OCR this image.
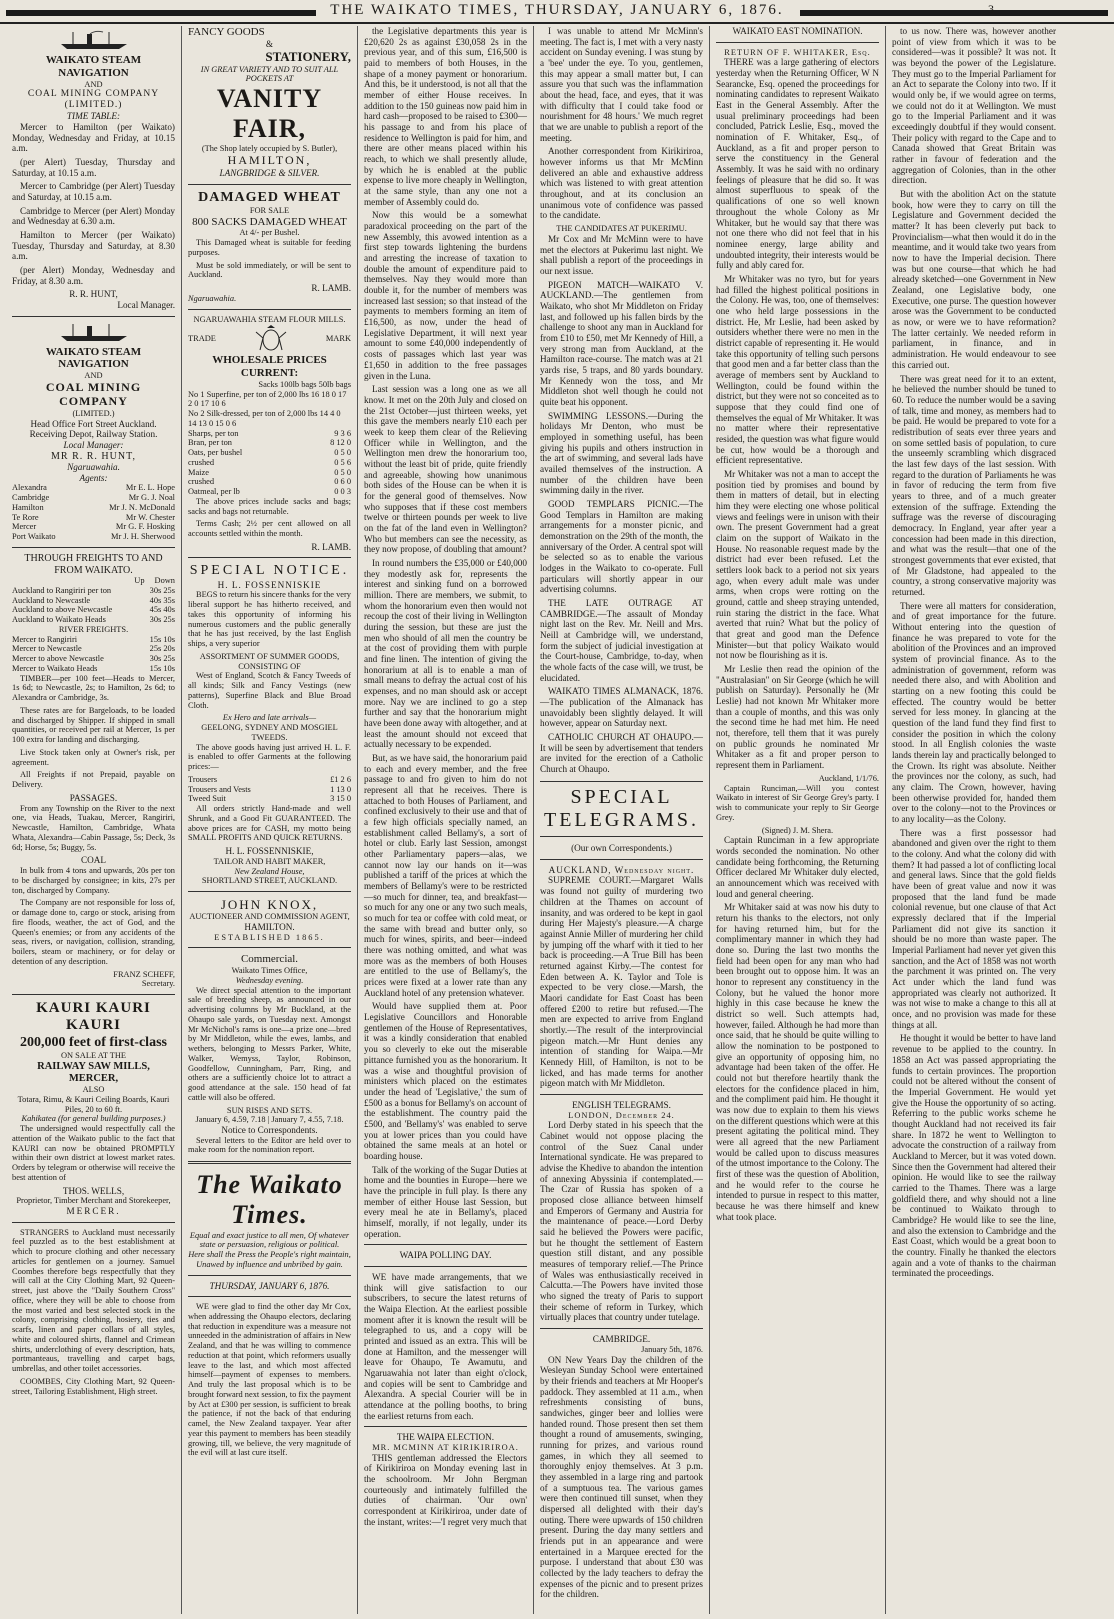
THE WAIKATO TIMES, THURSDAY, JANUARY 6, 1876.	3
WAIKATO STEAM NAVIGATION
AND
COAL MINING COMPANY (LIMITED.)
TIME TABLE:

Mercer to Hamilton (per Waikato) Monday, Wednesday and Friday, at 10.15 a.m.

(per Alert) Tuesday, Thursday and Saturday, at 10.15 a.m.

Mercer to Cambridge (per Alert) Tuesday and Saturday, at 10.15 a.m.

Cambridge to Mercer (per Alert) Monday and Wednesday at 6.30 a.m.

Hamilton to Mercer (per Waikato) Tuesday, Thursday and Saturday, at 8.30 a.m.

(per Alert) Monday, Wednesday and Friday, at 8.30 a.m.

R. R. HUNT,
Local Manager.
WAIKATO STEAM NAVIGATION
AND
COAL MINING COMPANY
(LIMITED.)
Head Office Fort Street Auckland.
Receiving Depot, Railway Station.
Local Manager:
MR R. R. HUNT,
Ngaruawahia.
Agents:
Alexandra	Mr E. L. Hope
Cambridge	Mr G. J. Noal
Hamilton	Mr J. N. McDonald
Te Rore	Mr W. Chester
Mercer	Mr G. F. Hosking
Port Waikato	Mr J. H. Sherwood
THROUGH FREIGHTS TO AND FROM WAIKATO.
Up Down
Auckland to Rangiriri per ton	30s 25s
Auckland to Newcastle	40s 35s
Auckland to above Newcastle	45s 40s
Auckland to Waikato Heads	30s 25s
RIVER FREIGHTS.
Mercer to Rangiriri	15s 10s
Mercer to Newcastle	25s 20s
Mercer to above Newcastle	30s 25s
Mercer to Waikato Heads	15s 10s

TIMBER—per 100 feet—Heads to Mercer, 1s 6d; to Newcastle, 2s; to Hamilton, 2s 6d; to Alexandra or Cambridge, 3s.

These rates are for Bargeloads, to be loaded and discharged by Shipper. If shipped in small quantities, or received per rail at Mercer, 1s per 100 extra for landing and discharging.

Live Stock taken only at Owner's risk, per agreement.

All Freights if not Prepaid, payable on Delivery.

PASSAGES.

From any Township on the River to the next one, via Heads, Tuakau, Mercer, Rangiriri, Newcastle, Hamilton, Cambridge, Whata Whata, Alexandra—Cabin Passage, 5s; Deck, 3s 6d; Horse, 5s; Buggy, 5s.

COAL

In bulk from 4 tons and upwards, 20s per ton to be discharged by consignee; in kits, 27s per ton, discharged by Company.

The Company are not responsible for loss of, or damage done to, cargo or stock, arising from fire floods, weather, the act of God, and the Queen's enemies; or from any accidents of the seas, rivers, or navigation, collision, stranding, boilers, steam or machinery, or for delay or detention of any description.

FRANZ SCHEFF,
Secretary.
KAURI KAURI KAURI
200,000 feet of first-class
ON SALE AT THE
RAILWAY SAW MILLS, MERCER,
ALSO
Totara, Rimu, & Kauri Ceiling Boards, Kauri Piles, 20 to 60 ft.
Kahikatea (for general building purposes.)

The undersigned would respectfully call the attention of the Waikato public to the fact that KAURI can now be obtained PROMPTLY within their own district at lowest market rates. Orders by telegram or otherwise will receive the best attention of

THOS. WELLS,
Proprietor, Timber Merchant and Storekeeper,
MERCER.

STRANGERS to Auckland must necessarily feel puzzled as to the best establishment at which to procure clothing and other necessary articles for gentlemen on a journey. Samuel Coombes therefore begs respectfully that they will call at the City Clothing Mart, 92 Queen-street, just above the "Daily Southern Cross" office, where they will be able to choose from the most varied and best selected stock in the colony, comprising clothing, hosiery, ties and scarfs, linen and paper collars of all styles, white and coloured shirts, flannel and Crimean shirts, underclothing of every description, hats, portmanteaus, travelling and carpet bags, umbrellas, and other toilet accessories.

COOMBES, City Clothing Mart, 92 Queen-street, Tailoring Establishment, High street.

FANCY GOODS
&
STATIONERY,
IN GREAT VARIETY AND TO SUIT ALL POCKETS AT
VANITY FAIR,
(The Shop lately occupied by S. Butler),
HAMILTON,
LANGBRIDGE & SILVER.
DAMAGED WHEAT
FOR SALE
800 SACKS DAMAGED WHEAT
At 4/- per Bushel.

This Damaged wheat is suitable for feeding purposes.

Must be sold immediately, or will be sent to Auckland.

R. LAMB.
Ngaruawahia.
NGARUAWAHIA STEAM FLOUR MILLS.
TRADE	MARK
WHOLESALE PRICES CURRENT:
Sacks 100lb bags 50lb bags
No 1 Superfine, per ton of 2,000 lbs 16 18 0 17 2 0 17 10 6
No 2 Silk-dressed, per ton of 2,000 lbs 14 4 0 14 13 0 15 0 6
Sharps, per ton	9 3 6
Bran, per ton	8 12 0
Oats, per bushel	0 5 0
crushed	0 5 6
Maize	0 5 0
crushed	0 6 0
Oatmeal, per lb	0 0 3

The above prices include sacks and bags; sacks and bags not returnable.

Terms Cash; 2½ per cent allowed on all accounts settled within the month.

R. LAMB.
SPECIAL NOTICE.
H. L. FOSSENNISKIE

BEGS to return his sincere thanks for the very liberal support he has hitherto received, and takes this opportunity of informing his numerous customers and the public generally that he has just received, by the last English ships, a very superior

ASSORTMENT OF SUMMER GOODS,
CONSISTING OF

West of England, Scotch & Fancy Tweeds of all kinds; Silk and Fancy Vestings (new patterns), Superfine Black and Blue Broad Cloth.

Ex Hero and late arrivals—
GEELONG, SYDNEY AND MOSGIEL TWEEDS.

The above goods having just arrived H. L. F. is enabled to offer Garments at the following prices:—

Trousers	£1 2 6
Trousers and Vests	1 13 0
Tweed Suit	3 15 0

All orders strictly Hand-made and well Shrunk, and a Good Fit GUARANTEED. The above prices are for CASH, my motto being SMALL PROFITS AND QUICK RETURNS.

H. L. FOSSENNISKIE,
TAILOR AND HABIT MAKER,
New Zealand House,
SHORTLAND STREET, AUCKLAND.
JOHN KNOX,
AUCTIONEER AND COMMISSION AGENT,
HAMILTON.
ESTABLISHED 1865.
Commercial.
Waikato Times Office,
Wednesday evening.

We direct special attention to the important sale of breeding sheep, as announced in our advertising columns by Mr Buckland, at the Ohaupo sale yards, on Tuesday next. Amongst Mr McNichol's rams is one—a prize one—bred by Mr Middleton, while the ewes, lambs, and wethers, belonging to Messrs Parker, White, Walker, Wemyss, Taylor, Robinson, Goodfellow, Cunningham, Parr, Ring, and others are a sufficiently choice lot to attract a good attendance at the sale. 150 head of fat cattle will also be offered.

SUN RISES AND SETS.
January 6, 4.59, 7.18 | January 7, 4.55, 7.18.
Notice to Correspondents.

Several letters to the Editor are held over to make room for the nomination report.

The Waikato Times.
Equal and exact justice to all men, Of whatever state or persuasion, religious or political.
Here shall the Press the People's right maintain, Unawed by influence and unbribed by gain.
THURSDAY, JANUARY 6, 1876.

WE were glad to find the other day Mr Cox, when addressing the Ohaupo electors, declaring that reduction in expenditure was a measure not unneeded in the administration of affairs in New Zealand, and that he was willing to commence reduction at that point, which reformers usually leave to the last, and which most affected himself—payment of expenses to members. And truly the last proposal which is to be brought forward next session, to fix the payment by Act at £300 per session, is sufficient to break the patience, if not the back of that enduring camel, the New Zealand taxpayer. Year after year this payment to members has been steadily growing, till, we believe, the very magnitude of the evil will at last cure itself.

the Legislative departments this year is £20,620 2s as against £30,058 2s in the previous year, and of this sum, £16,500 is paid to members of both Houses, in the shape of a money payment or honorarium. And this, be it understood, is not all that the member of either House receives. In addition to the 150 guineas now paid him in hard cash—proposed to be raised to £300—his passage to and from his place of residence to Wellington is paid for him, and there are other means placed within his reach, to which we shall presently allude, by which he is enabled at the public expense to live more cheaply in Wellington, at the same style, than any one not a member of Assembly could do.

Now this would be a somewhat paradoxical proceeding on the part of the new Assembly, this avowed intention as a first step towards lightening the burdens and arresting the increase of taxation to double the amount of expenditure paid to themselves. Nay they would more than double it, for the number of members was increased last session; so that instead of the payments to members forming an item of £16,500, as now, under the head of Legislative Department, it will next year amount to some £40,000 independently of costs of passages which last year was £1,650 in addition to the free passages given in the Luna.

Last session was a long one as we all know. It met on the 20th July and closed on the 21st October—just thirteen weeks, yet this gave the members nearly £10 each per week to keep them clear of the Relieving Officer while in Wellington, and the Wellington men drew the honorarium too, without the least bit of pride, quite friendly and agreeable, showing how unanimous both sides of the House can be when it is for the general good of themselves. Now who supposes that if these cost members twelve or thirteen pounds per week to live on the fat of the land even in Wellington? Who but members can see the necessity, as they now propose, of doubling that amount?

In round numbers the £35,000 or £40,000 they modestly ask for, represents the interest and sinking fund on a borrowed million. There are members, we submit, to whom the honorarium even then would not recoup the cost of their living in Wellington during the session, but these are just the men who should of all men the country be at the cost of providing them with purple and fine linen. The intention of giving the honorarium at all is to enable a man of small means to defray the actual cost of his expenses, and no man should ask or accept more. Nay we are inclined to go a step further and say that the honorarium might have been done away with altogether, and at least the amount should not exceed that actually necessary to be expended.

But, as we have said, the honorarium paid to each and every member, and the free passage to and fro given to him do not represent all that he receives. There is attached to both Houses of Parliament, and confined exclusively to their use and that of a few high officials specially named, an establishment called Bellamy's, a sort of hotel or club. Early last Session, amongst other Parliamentary papers—alas, we cannot now lay our hands on it—was published a tariff of the prices at which the members of Bellamy's were to be restricted—so much for dinner, tea, and breakfast—so much for any one or any two such meals, so much for tea or coffee with cold meat, or the same with bread and butter only, so much for wines, spirits, and beer—indeed there was nothing omitted, and what was more was as the members of both Houses are entitled to the use of Bellamy's, the prices were fixed at a lower rate than any Auckland hotel of any pretension whatever.

Would have supplied them at. Poor Legislative Councillors and Honorable gentlemen of the House of Representatives, it was a kindly consideration that enabled you so cleverly to eke out the miserable pittance furnished you as the honorarium. It was a wise and thoughtful provision of ministers which placed on the estimates under the head of 'Legislative,' the sum of £500 as a bonus for Bellamy's on account of the establishment. The country paid the £500, and 'Bellamy's' was enabled to serve you at lower prices than you could have obtained the same meals at an hotel or boarding house.

Talk of the working of the Sugar Duties at home and the bounties in Europe—here we have the principle in full play. Is there any member of either House last Session, but every meal he ate in Bellamy's, placed himself, morally, if not legally, under its operation.

WAIPA POLLING DAY.

WE have made arrangements, that we think will give satisfaction to our subscribers, to secure the latest returns of the Waipa Election. At the earliest possible moment after it is known the result will be telegraphed to us, and a copy will be printed and issued as an extra. This will be done at Hamilton, and the messenger will leave for Ohaupo, Te Awamutu, and Ngaruawahia not later than eight o'clock, and copies will be sent to Cambridge and Alexandra. A special Courier will be in attendance at the polling booths, to bring the earliest returns from each.

THE WAIPA ELECTION.
MR. MCMINN AT KIRIKIRIROA.

THIS gentleman addressed the Electors of Kirikiriroa on Monday evening last in the schoolroom. Mr John Bergman courteously and intimately fulfilled the duties of chairman. 'Our own' correspondent at Kirikiriroa, under date of the instant, writes:—'I regret very much that

I was unable to attend Mr McMinn's meeting. The fact is, I met with a very nasty accident on Sunday evening. I was stung by a 'bee' under the eye. To you, gentlemen, this may appear a small matter but, I can assure you that such was the inflammation about the head, face, and eyes, that it was with difficulty that I could take food or nourishment for 48 hours.' We much regret that we are unable to publish a report of the meeting.

Another correspondent from Kirikiriroa, however informs us that Mr McMinn delivered an able and exhaustive address which was listened to with great attention throughout, and at its conclusion an unanimous vote of confidence was passed to the candidate.

THE CANDIDATES AT PUKERIMU.

Mr Cox and Mr McMinn were to have met the electors at Pukerimu last night. We shall publish a report of the proceedings in our next issue.

PIGEON MATCH—WAIKATO V. AUCKLAND.—The gentlemen from Waikato, who shot Mr Middleton on Friday last, and followed up his fallen birds by the challenge to shoot any man in Auckland for from £10 to £50, met Mr Kennedy of Hill, a very strong man from Auckland, at the Hamilton race-course. The match was at 21 yards rise, 5 traps, and 80 yards boundary. Mr Kennedy won the toss, and Mr Middleton shot well though he could not quite beat his opponent.

SWIMMING LESSONS.—During the holidays Mr Denton, who must be employed in something useful, has been giving his pupils and others instruction in the art of swimming, and several lads have availed themselves of the instruction. A number of the children have been swimming daily in the river.

GOOD TEMPLARS PICNIC.—The Good Templars in Hamilton are making arrangements for a monster picnic, and demonstration on the 29th of the month, the anniversary of the Order. A central spot will be selected so as to enable the various lodges in the Waikato to co-operate. Full particulars will shortly appear in our advertising columns.

THE LATE OUTRAGE AT CAMBRIDGE.—The assault of Monday night last on the Rev. Mr. Neill and Mrs. Neill at Cambridge will, we understand, form the subject of judicial investigation at the Court-house, Cambridge, to-day, when the whole facts of the case will, we trust, be elucidated.

WAIKATO TIMES ALMANACK, 1876.—The publication of the Almanack has unavoidably been slightly delayed. It will however, appear on Saturday next.

CATHOLIC CHURCH AT OHAUPO.—It will be seen by advertisement that tenders are invited for the erection of a Catholic Church at Ohaupo.

SPECIAL TELEGRAMS.
(Our own Correspondents.)
AUCKLAND, Wednesday night.

SUPREME COURT.—Margaret Walls was found not guilty of murdering two children at the Thames on account of insanity, and was ordered to be kept in gaol during Her Majesty's pleasure.—A charge against Annie Miller of murdering her child by jumping off the wharf with it tied to her back is proceeding.—A True Bill has been returned against Kirby.—The contest for Eden between A. K. Taylor and Tole is expected to be very close.—Marsh, the Maori candidate for East Coast has been offered £200 to retire but refused.—The men are expected to arrive from England shortly.—The result of the interprovincial pigeon match.—Mr Hunt denies any intention of standing for Waipa.—Mr Kennedy Hill, of Hamilton, is not to be licked, and has made terms for another pigeon match with Mr Middleton.

ENGLISH TELEGRAMS.
LONDON, December 24.

Lord Derby stated in his speech that the Cabinet would not oppose placing the control of the Suez Canal under International syndicate. He was prepared to advise the Khedive to abandon the intention of annexing Abyssinia if contemplated.—The Czar of Russia has spoken of a proposed close alliance between himself and Emperors of Germany and Austria for the maintenance of peace.—Lord Derby said he believed the Powers were pacific, but he thought the settlement of Eastern question still distant, and any possible measures of temporary relief.—The Prince of Wales was enthusiastically received in Calcutta.—The Powers have invited those who signed the treaty of Paris to support their scheme of reform in Turkey, which virtually places that country under tutelage.

CAMBRIDGE.
January 5th, 1876.

ON New Years Day the children of the Wesleyan Sunday School were entertained by their friends and teachers at Mr Hooper's paddock. They assembled at 11 a.m., when refreshments consisting of buns, sandwiches, ginger beer and lollies were handed round. Those present then set them thought a round of amusements, swinging, running for prizes, and various round games, in which they all seemed to thoroughly enjoy themselves. At 3 p.m. they assembled in a large ring and partook of a sumptuous tea. The various games were then continued till sunset, when they dispersed all delighted with their day's outing. There were upwards of 150 children present. During the day many settlers and friends put in an appearance and were entertained in a Marquee erected for the purpose. I understand that about £30 was collected by the lady teachers to defray the expenses of the picnic and to present prizes for the children.

WAIKATO EAST NOMINATION.
RETURN OF F. WHITAKER, Esq.

THERE was a large gathering of electors yesterday when the Returning Officer, W N Searancke, Esq. opened the proceedings for nominating candidates to represent Waikato East in the General Assembly. After the usual preliminary proceedings had been concluded, Patrick Leslie, Esq., moved the nomination of F. Whitaker, Esq., of Auckland, as a fit and proper person to serve the constituency in the General Assembly. It was he said with no ordinary feelings of pleasure that he did so. It was almost superfluous to speak of the qualifications of one so well known throughout the whole Colony as Mr Whitaker, but he would say that there was not one there who did not feel that in his nominee energy, large ability and undoubted integrity, their interests would be fully and ably cared for.

Mr Whitaker was no tyro, but for years had filled the highest political positions in the Colony. He was, too, one of themselves: one who held large possessions in the district. He, Mr Leslie, had been asked by outsiders whether there were no men in the district capable of representing it. He would take this opportunity of telling such persons that good men and a far better class than the average of members sent by Auckland to Wellington, could be found within the district, but they were not so conceited as to suppose that they could find one of themselves the equal of Mr Whitaker. It was no matter where their representative resided, the question was what figure would be cut, how would be a thorough and efficient representative.

Mr Whitaker was not a man to accept the position tied by promises and bound by them in matters of detail, but in electing him they were electing one whose political views and feelings were in unison with their own. The present Government had a great claim on the support of Waikato in the House. No reasonable request made by the district had ever been refused. Let the settlers look back to a period not six years ago, when every adult male was under arms, when crops were rotting on the ground, cattle and sheep straying untended, ruin staring the district in the face. What averted that ruin? What but the policy of that great and good man the Defence Minister—but that policy Waikato would not now be flourishing as it is.

Mr Leslie then read the opinion of the "Australasian" on Sir George (which he will publish on Saturday). Personally he (Mr Leslie) had not known Mr Whitaker more than a couple of months, and this was only the second time he had met him. He need not, therefore, tell them that it was purely on public grounds he nominated Mr Whitaker as a fit and proper person to represent them in Parliament.

Auckland, 1/1/76.

Captain Runciman,—Will you contest Waikato in interest of Sir George Grey's party. I wish to communicate your reply to Sir George Grey.

(Signed) J. M. Shera.

Captain Runciman in a few appropriate words seconded the nomination. No other candidate being forthcoming, the Returning Officer declared Mr Whitaker duly elected, an announcement which was received with loud and general cheering.

Mr Whitaker said at was now his duty to return his thanks to the electors, not only for having returned him, but for the complimentary manner in which they had done so. During the last two months the field had been open for any man who had been brought out to oppose him. It was an honor to represent any constituency in the Colony, but he valued the honor more highly in this case because he knew the district so well. Such attempts had, however, failed. Although he had more than once said, that he should be quite willing to allow the nomination to be postponed to give an opportunity of opposing him, no advantage had been taken of the offer. He could not but therefore heartily thank the electors for the confidence placed in him, and the compliment paid him. He thought it was now due to explain to them his views on the different questions which were at this present agitating the political mind. They were all agreed that the new Parliament would be called upon to discuss measures of the utmost importance to the Colony. The first of these was the question of Abolition, and he would refer to the course he intended to pursue in respect to this matter, because he was there himself and knew what took place.

to us now. There was, however another point of view from which it was to be considered—was it possible? It was not. It was beyond the power of the Legislature. They must go to the Imperial Parliament for an Act to separate the Colony into two. If it would only be, if we would agree on terms, we could not do it at Wellington. We must go to the Imperial Parliament and it was exceedingly doubtful if they would consent. Their policy with regard to the Cape and to Canada showed that Great Britain was rather in favour of federation and the aggregation of Colonies, than in the other direction.

But with the abolition Act on the statute book, how were they to carry on till the Legislature and Government decided the matter? It has been cleverly put back to Provincialism—what then would it do in the meantime, and it would take two years from now to have the Imperial decision. There was but one course—that which he had already sketched—one Government in New Zealand, one Legislative body, one Executive, one purse. The question however arose was the Government to be conducted as now, or were we to have reformation? The latter certainly. We needed reform in parliament, in finance, and in administration. He would endeavour to see this carried out.

There was great need for it to an extent, he believed the number should be tuned to 60. To reduce the number would be a saving of talk, time and money, as members had to be paid. He would be prepared to vote for a redistribution of seats ever three years and on some settled basis of population, to cure the unseemly scrambling which disgraced the last few days of the last session. With regard to the duration of Parliaments he was in favor of reducing the term from five years to three, and of a much greater extension of the suffrage. Extending the suffrage was the reverse of discouraging democracy. In England, year after year a concession had been made in this direction, and what was the result—that one of the strongest governments that ever existed, that of Mr Gladstone, had appealed to the country, a strong conservative majority was returned.

There were all matters for consideration, and of great importance for the future. Without entering into the question of finance he was prepared to vote for the abolition of the Provinces and an improved system of provincial finance. As to the administration of government, reform was needed there also, and with Abolition and starting on a new footing this could be effected. The country would be better served for less money. In glancing at the question of the land fund they find first to consider the position in which the colony stood. In all English colonies the waste lands therein lay and practically belonged to the Crown. Its right was absolute. Neither the provinces nor the colony, as such, had any claim. The Crown, however, having been otherwise provided for, handed them over to the colony—not to the Provinces or to any locality—as the Colony.

There was a first possessor had abandoned and given over the right to them to the colony. And what the colony did with them? It had passed a lot of conflicting local and general laws. Since that the gold fields have been of great value and now it was proposed that the land fund be made colonial revenue, but one clause of that Act expressly declared that if the Imperial Parliament did not give its sanction it should be no more than waste paper. The Imperial Parliament had never yet given this sanction, and the Act of 1858 was not worth the parchment it was printed on. The very Act under which the land fund was appropriated was clearly not authorized. It was not wise to make a change to this all at once, and no provision was made for these things at all.

He thought it would be better to have land revenue to be applied to the country. In 1858 an Act was passed appropriating the funds to certain provinces. The proportion could not be altered without the consent of the Imperial Government. He would yet give the House the opportunity of so acting. Referring to the public works scheme he thought Auckland had not received its fair share. In 1872 he went to Wellington to advocate the construction of a railway from Auckland to Mercer, but it was voted down. Since then the Government had altered their opinion. He would like to see the railway carried to the Thames. There was a large goldfield there, and why should not a line be continued to Waikato through to Cambridge? He would like to see the line, and also the extension to Cambridge and the East Coast, which would be a great boon to the country. Finally he thanked the electors again and a vote of thanks to the chairman terminated the proceedings.
